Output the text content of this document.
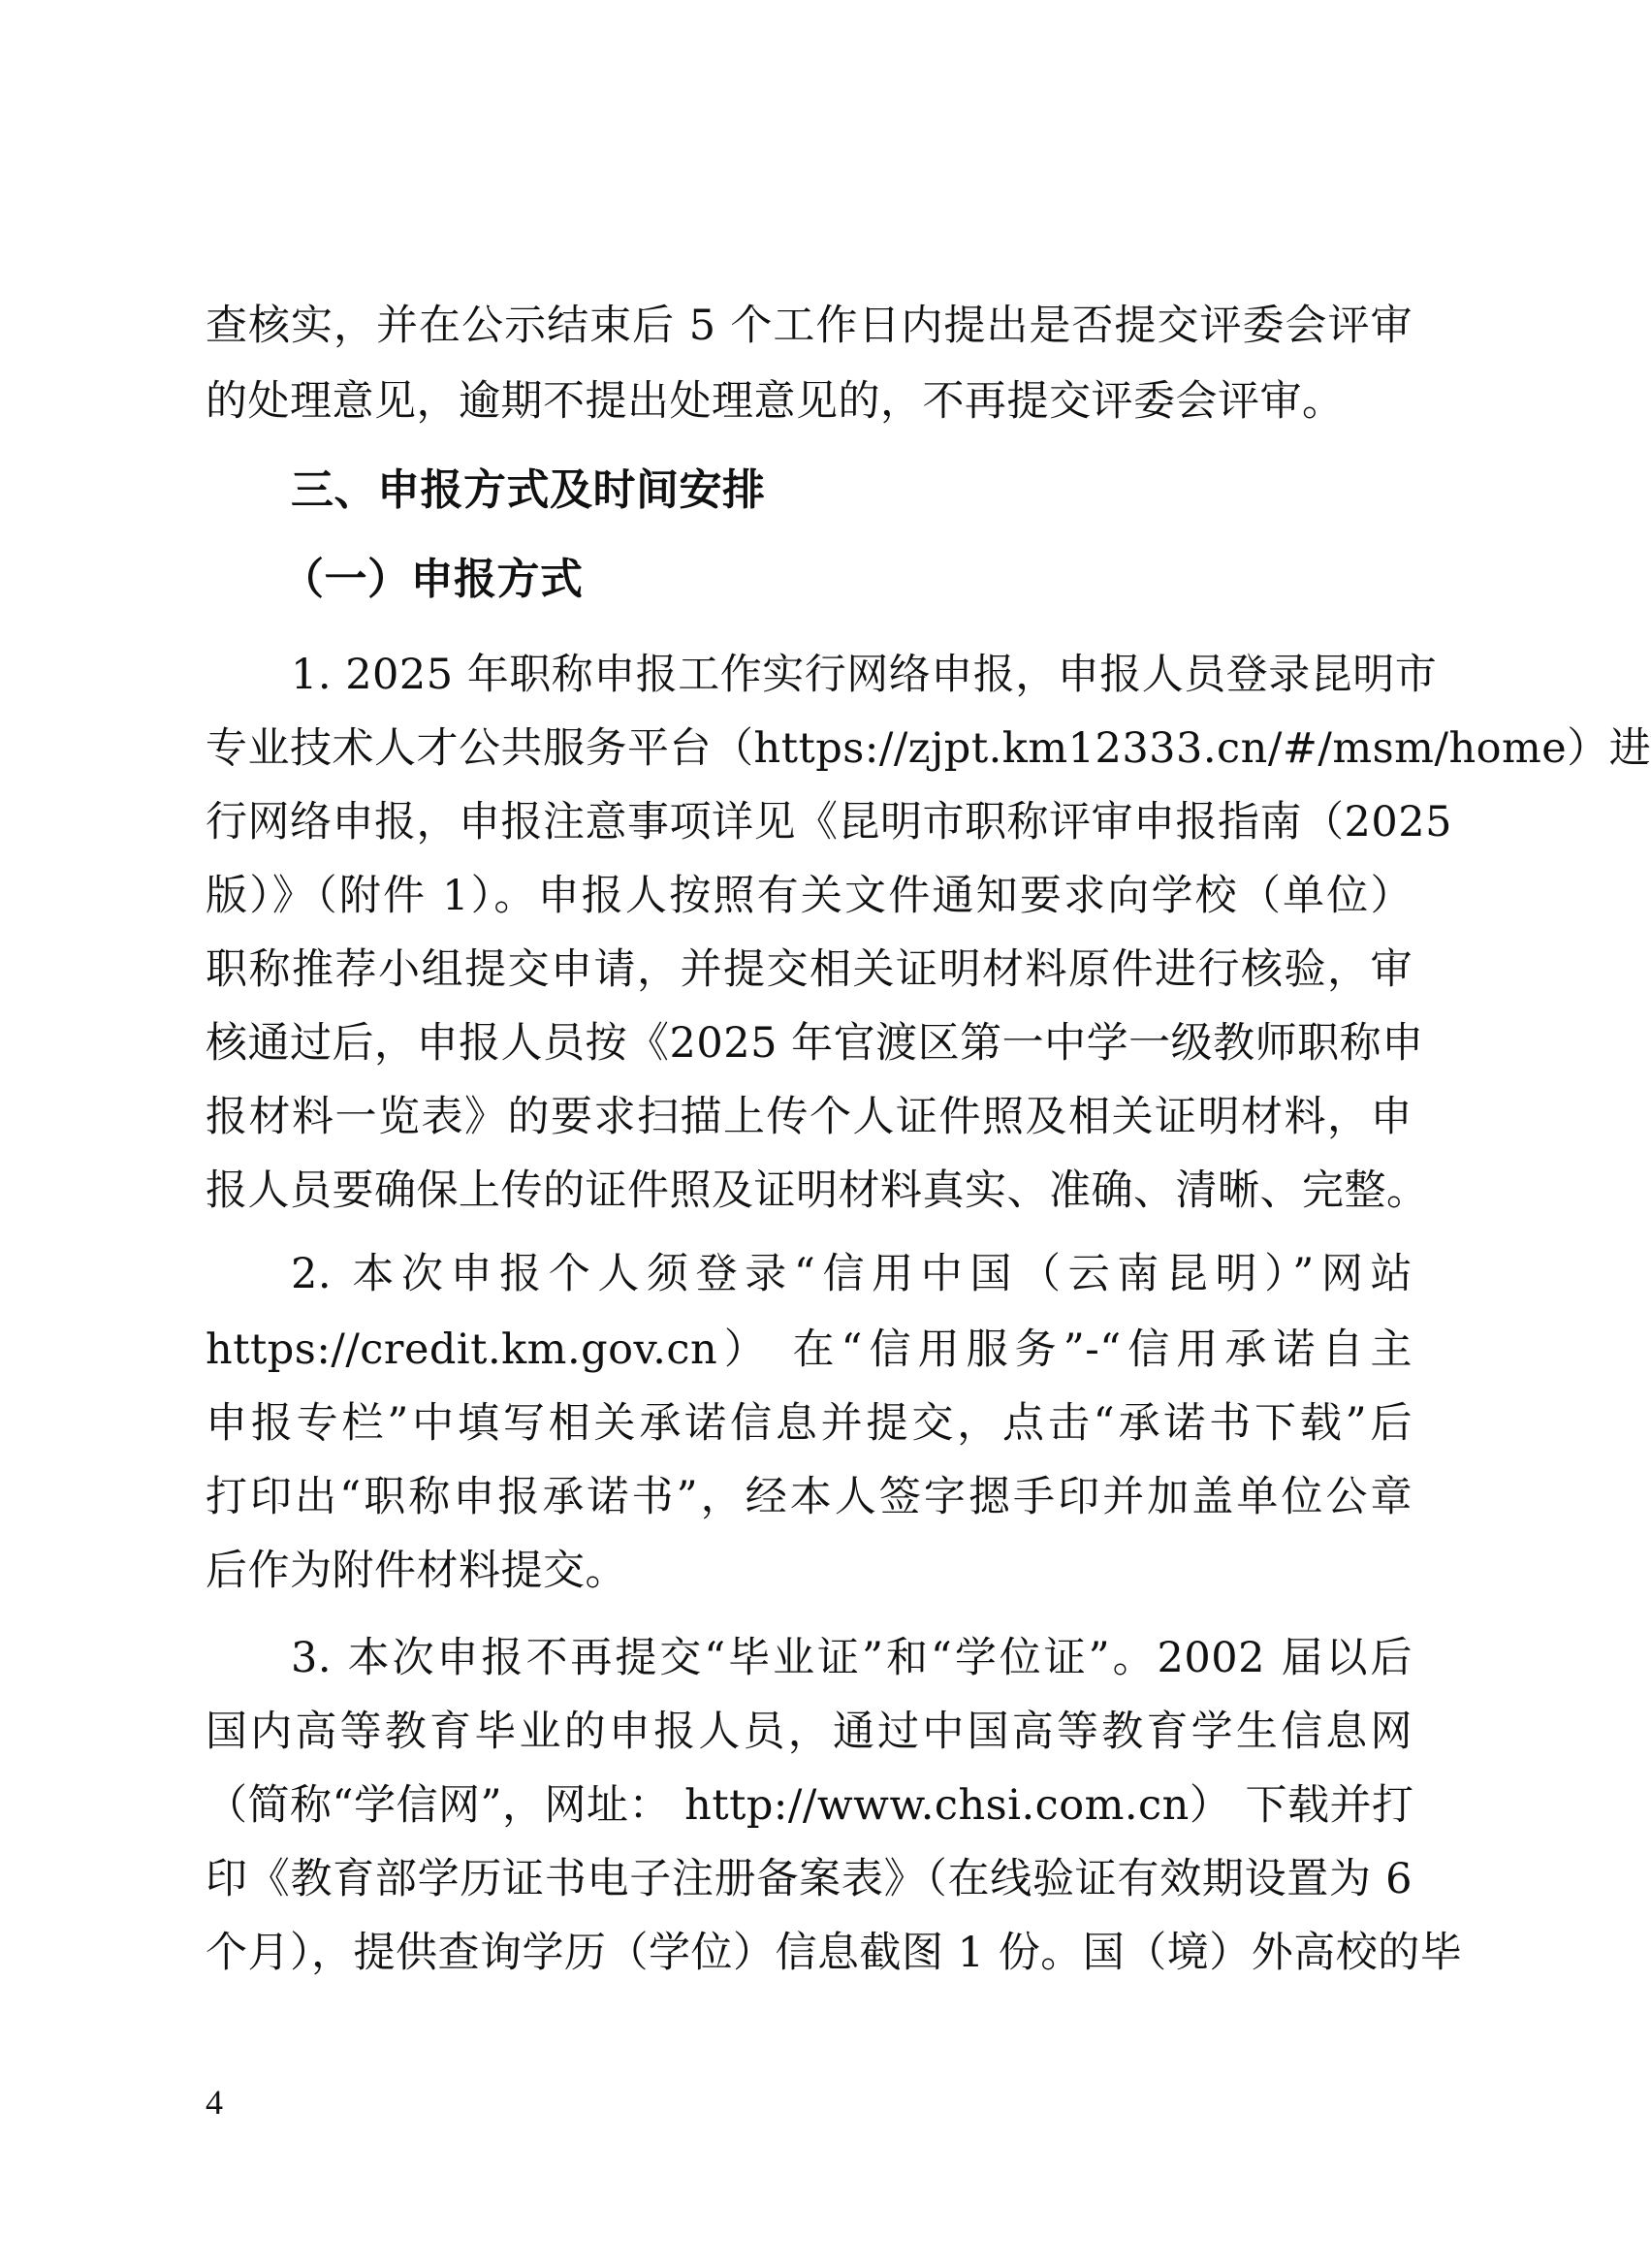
查核实，并在公示结束后 5 个工作日内提出是否提交评委会评审
的处理意见，逾期不提出处理意见的，不再提交评委会评审。
三、申报方式及时间安排
（一）申报方式
1. 2025 年职称申报工作实行网络申报，申报人员登录昆明市
专业技术人才公共服务平台（https://zjpt.km12333.cn/#/msm/home）进
行网络申报，申报注意事项详见《昆明市职称评审申报指南（2025
版）》（附件 1）。申报人按照有关文件通知要求向学校（单位）
职称推荐小组提交申请，并提交相关证明材料原件进行核验，审
核通过后，申报人员按《2025 年官渡区第一中学一级教师职称申
报材料一览表》的要求扫描上传个人证件照及相关证明材料，申
报人员要确保上传的证件照及证明材料真实、准确、清晰、完整。
2. 本次申报个人须登录“信用中国（云南昆明）”网站
https://credit.km.gov.cn） 在“信用服务”-“信用承诺自主
申报专栏”中填写相关承诺信息并提交，点击“承诺书下载”后
打印出“职称申报承诺书”，经本人签字摁手印并加盖单位公章
后作为附件材料提交。
3. 本次申报不再提交“毕业证”和“学位证”。2002 届以后
国内高等教育毕业的申报人员，通过中国高等教育学生信息网
（简称“学信网”，网址： http://www.chsi.com.cn） 下载并打
印《教育部学历证书电子注册备案表》（在线验证有效期设置为 6
个月），提供查询学历（学位）信息截图 1 份。国（境）外高校的毕
4
